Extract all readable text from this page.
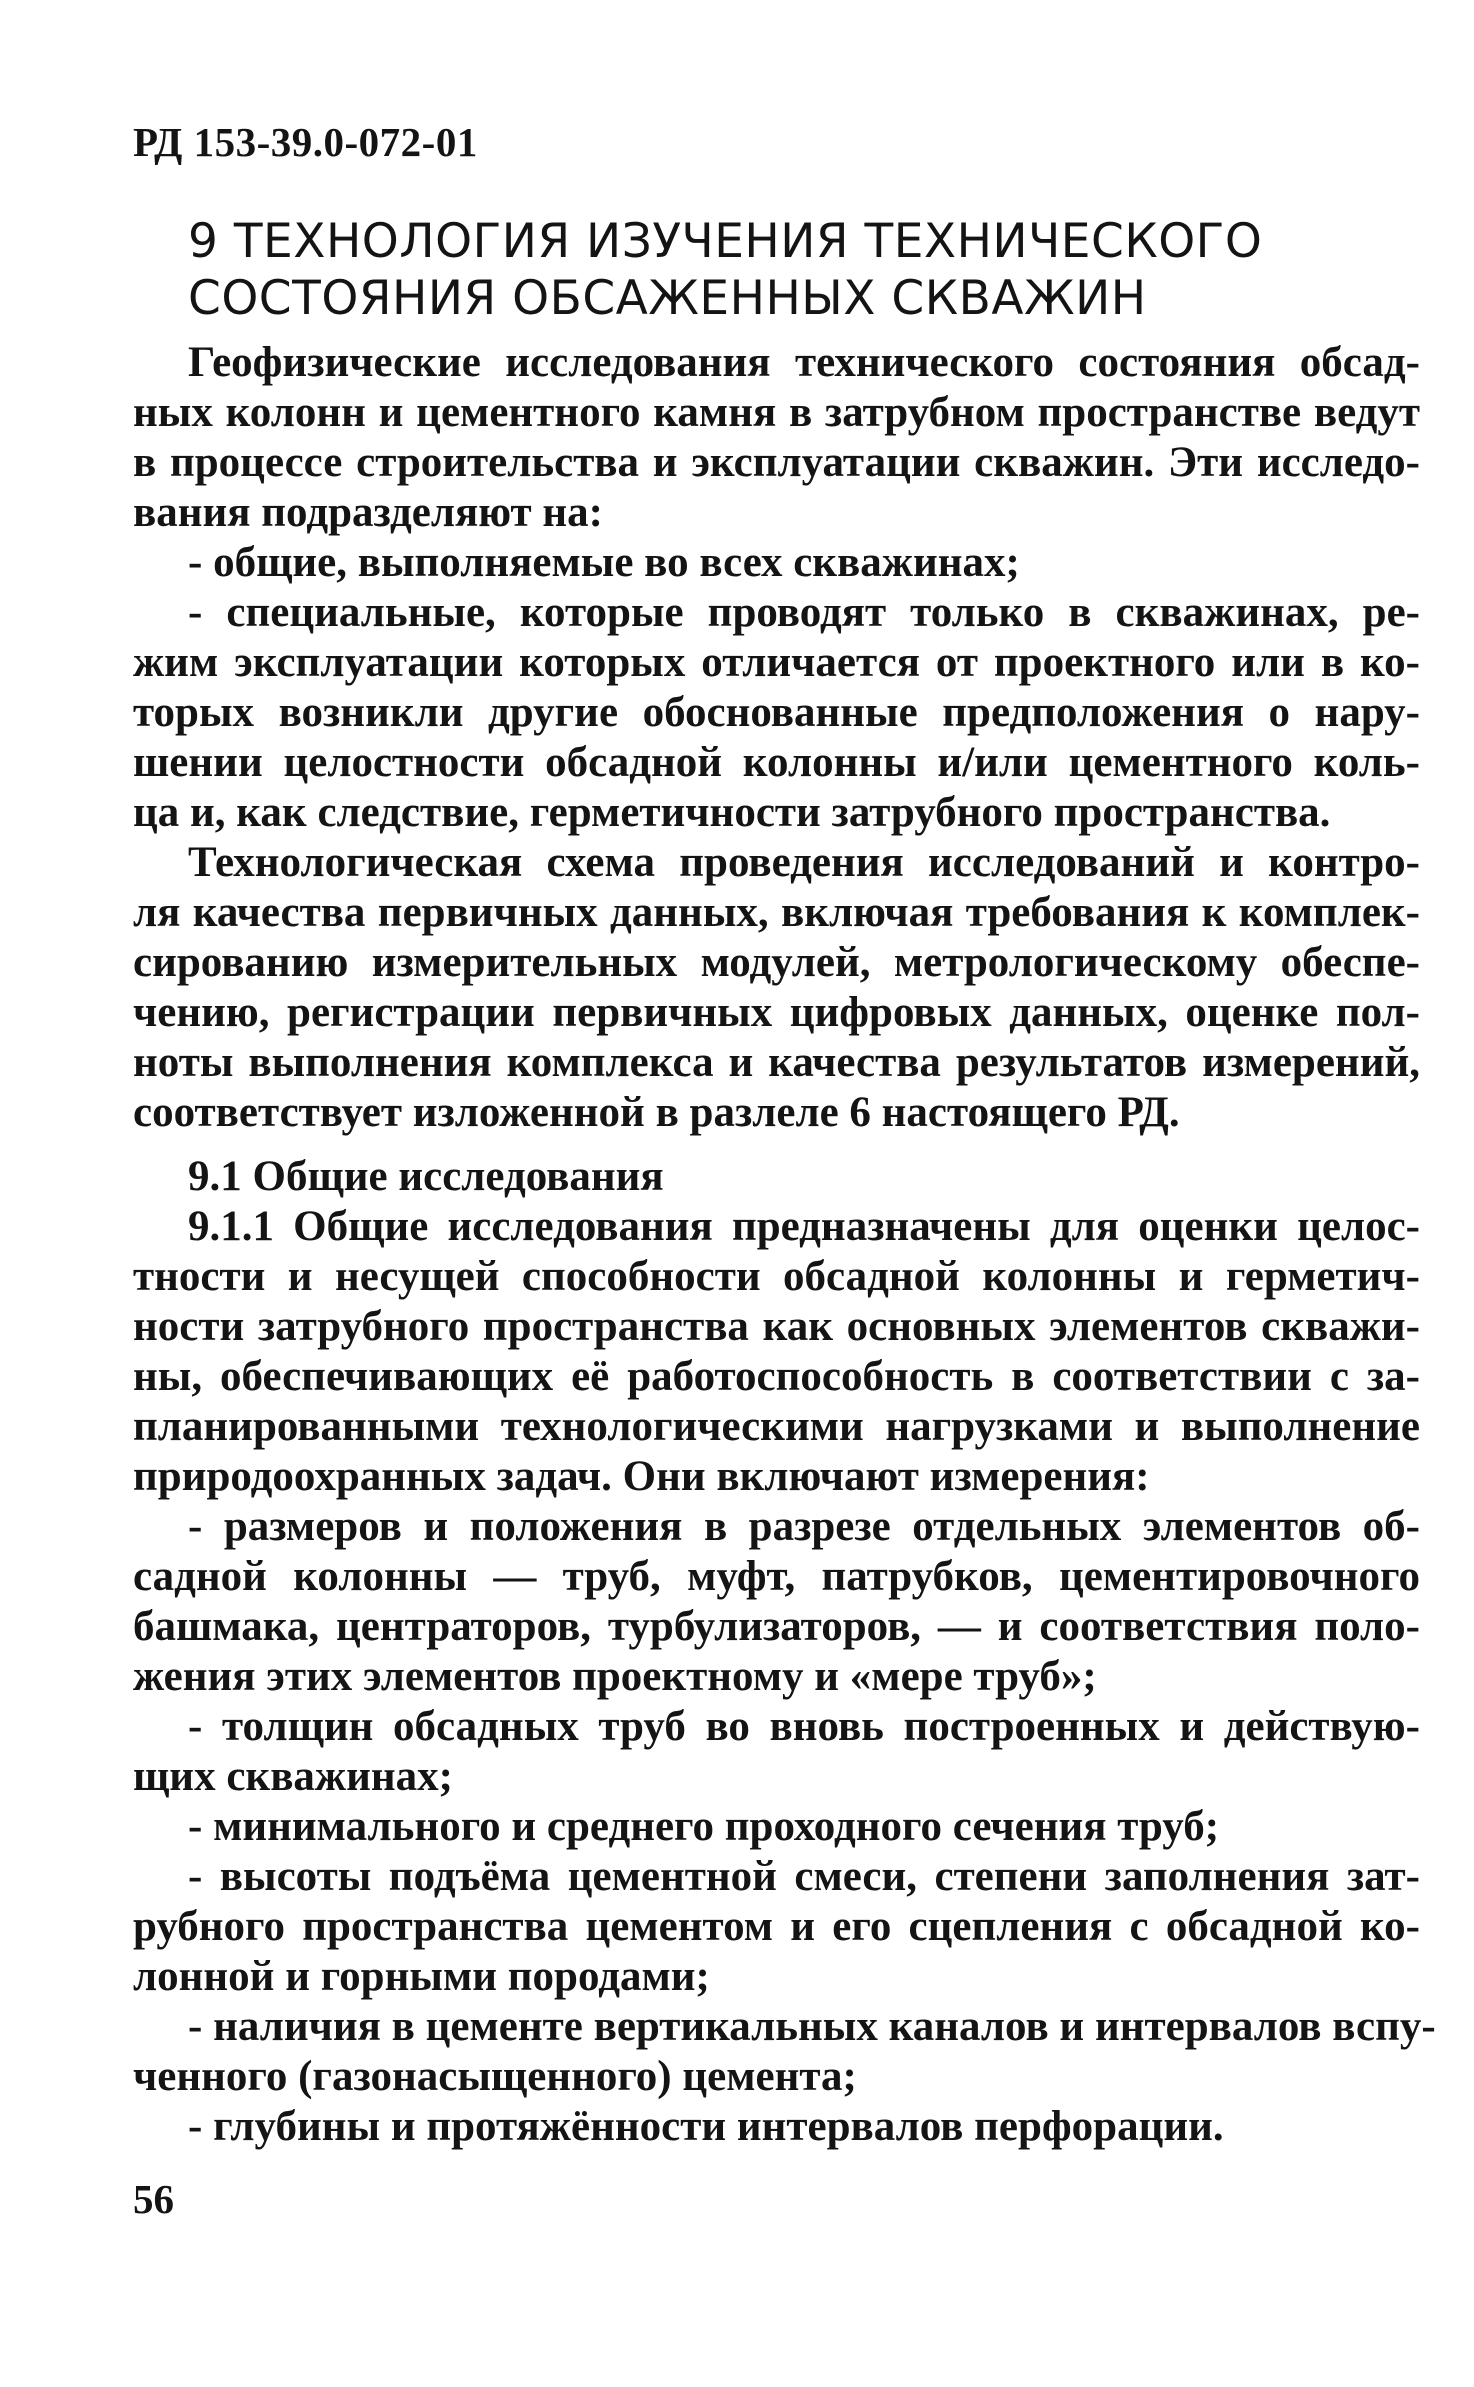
РД 153-39.0-072-01
9 ТЕХНОЛОГИЯ ИЗУЧЕНИЯ ТЕХНИЧЕСКОГО
СОСТОЯНИЯ ОБСАЖЕННЫХ СКВАЖИН
Геофизические исследования технического состояния обсад-
ных колонн и цементного камня в затрубном пространстве ведут
в процессе строительства и эксплуатации скважин. Эти исследо-
вания подразделяют на:
- общие, выполняемые во всех скважинах;
- специальные, которые проводят только в скважинах, ре-
жим эксплуатации которых отличается от проектного или в ко-
торых возникли другие обоснованные предположения о нару-
шении целостности обсадной колонны и/или цементного коль-
ца и, как следствие, герметичности затрубного пространства.
Технологическая схема проведения исследований и контро-
ля качества первичных данных, включая требования к комплек-
сированию измерительных модулей, метрологическому обеспе-
чению, регистрации первичных цифровых данных, оценке пол-
ноты выполнения комплекса и качества результатов измерений,
соответствует изложенной в разлеле 6 настоящего РД.
9.1 Общие исследования
9.1.1 Общие исследования предназначены для оценки целос-
тности и несущей способности обсадной колонны и герметич-
ности затрубного пространства как основных элементов скважи-
ны, обеспечивающих её работоспособность в соответствии с за-
планированными технологическими нагрузками и выполнение
природоохранных задач. Они включают измерения:
- размеров и положения в разрезе отдельных элементов об-
садной колонны — труб, муфт, патрубков, цементировочного
башмака, центраторов, турбулизаторов, — и соответствия поло-
жения этих элементов проектному и «мере труб»;
- толщин обсадных труб во вновь построенных и действую-
щих скважинах;
- минимального и среднего проходного сечения труб;
- высоты подъёма цементной смеси, степени заполнения зат-
рубного пространства цементом и его сцепления с обсадной ко-
лонной и горными породами;
- наличия в цементе вертикальных каналов и интервалов вспу-
ченного (газонасыщенного) цемента;
- глубины и протяжённости интервалов перфорации.
56
